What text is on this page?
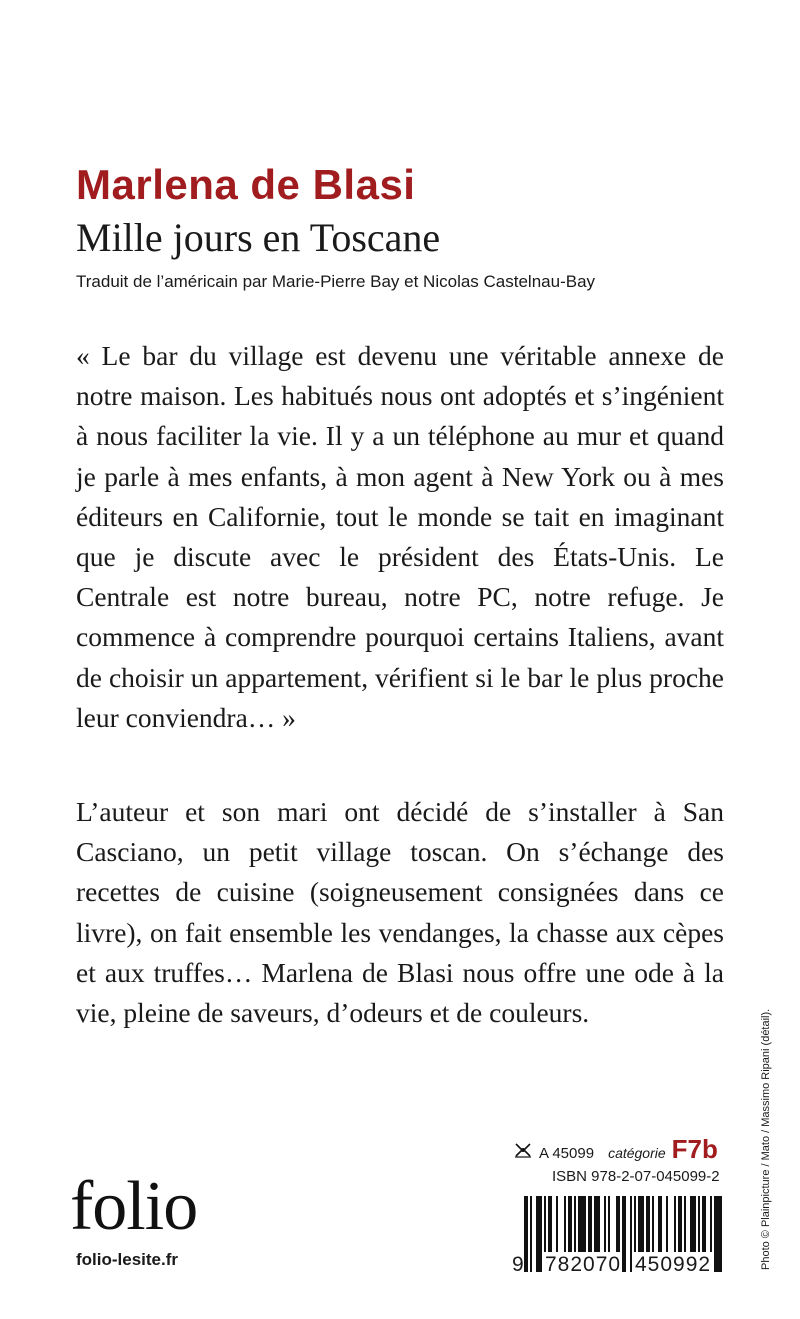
Marlena de Blasi
Mille jours en Toscane
Traduit de l’américain par Marie-Pierre Bay et Nicolas Castelnau-Bay

« Le bar du village est devenu une véritable annexe de notre maison. Les habitués nous ont adoptés et s’ingénient à nous faciliter la vie. Il y a un téléphone au mur et quand je parle à mes enfants, à mon agent à New York ou à mes éditeurs en Californie, tout le monde se tait en imaginant que je discute avec le président des États-Unis. Le Centrale est notre bureau, notre PC, notre refuge. Je commence à comprendre pourquoi certains Italiens, avant de choisir un appartement, vérifient si le bar le plus proche leur conviendra… »

L’auteur et son mari ont décidé de s’installer à San Casciano, un petit village toscan. On s’échange des recettes de cuisine (soigneusement consignées dans ce livre), on fait ensemble les vendanges, la chasse aux cèpes et aux truffes… Marlena de Blasi nous offre une ode à la vie, pleine de saveurs, d’odeurs et de couleurs.	Photo © Plainpicture / Mato / Massimo Ripani (détail).
A 45099 catégorie F7b
ISBN 978-2-07-045099-2
9 782070 450992
folio
folio-lesite.fr
